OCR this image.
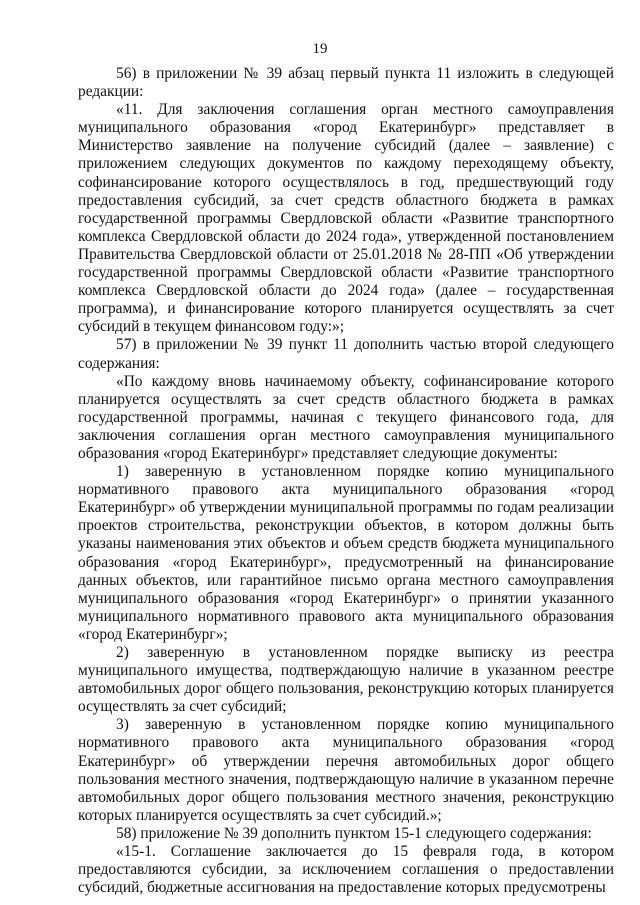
19

56) в приложении № 39 абзац первый пункта 11 изложить в следующей редакции:

«11. Для заключения соглашения орган местного самоуправления муниципального образования «город Екатеринбург» представляет в Министерство заявление на получение субсидий (далее – заявление) с приложением следующих документов по каждому переходящему объекту, софинансирование которого осуществлялось в год, предшествующий году предоставления субсидий, за счет средств областного бюджета в рамках государственной программы Свердловской области «Развитие транспортного комплекса Свердловской области до 2024 года», утвержденной постановлением Правительства Свердловской области от 25.01.2018 № 28-ПП «Об утверждении государственной программы Свердловской области «Развитие транспортного комплекса Свердловской области до 2024 года» (далее – государственная программа), и финансирование которого планируется осуществлять за счет субсидий в текущем финансовом году:»;

57) в приложении № 39 пункт 11 дополнить частью второй следующего содержания:

«По каждому вновь начинаемому объекту, софинансирование которого планируется осуществлять за счет средств областного бюджета в рамках государственной программы, начиная с текущего финансового года, для заключения соглашения орган местного самоуправления муниципального образования «город Екатеринбург» представляет следующие документы:

1) заверенную в установленном порядке копию муниципального нормативного правового акта муниципального образования «город Екатеринбург» об утверждении муниципальной программы по годам реализации проектов строительства, реконструкции объектов, в котором должны быть указаны наименования этих объектов и объем средств бюджета муниципального образования «город Екатеринбург», предусмотренный на финансирование данных объектов, или гарантийное письмо органа местного самоуправления муниципального образования «город Екатеринбург» о принятии указанного муниципального нормативного правового акта муниципального образования «город Екатеринбург»;

2) заверенную в установленном порядке выписку из реестра муниципального имущества, подтверждающую наличие в указанном реестре автомобильных дорог общего пользования, реконструкцию которых планируется осуществлять за счет субсидий;

3) заверенную в установленном порядке копию муниципального нормативного правового акта муниципального образования «город Екатеринбург» об утверждении перечня автомобильных дорог общего пользования местного значения, подтверждающую наличие в указанном перечне автомобильных дорог общего пользования местного значения, реконструкцию которых планируется осуществлять за счет субсидий.»;

58) приложение № 39 дополнить пунктом 15-1 следующего содержания:

«15-1. Соглашение заключается до 15 февраля года, в котором предоставляются субсидии, за исключением соглашения о предоставлении субсидий, бюджетные ассигнования на предоставление которых предусмотрены
